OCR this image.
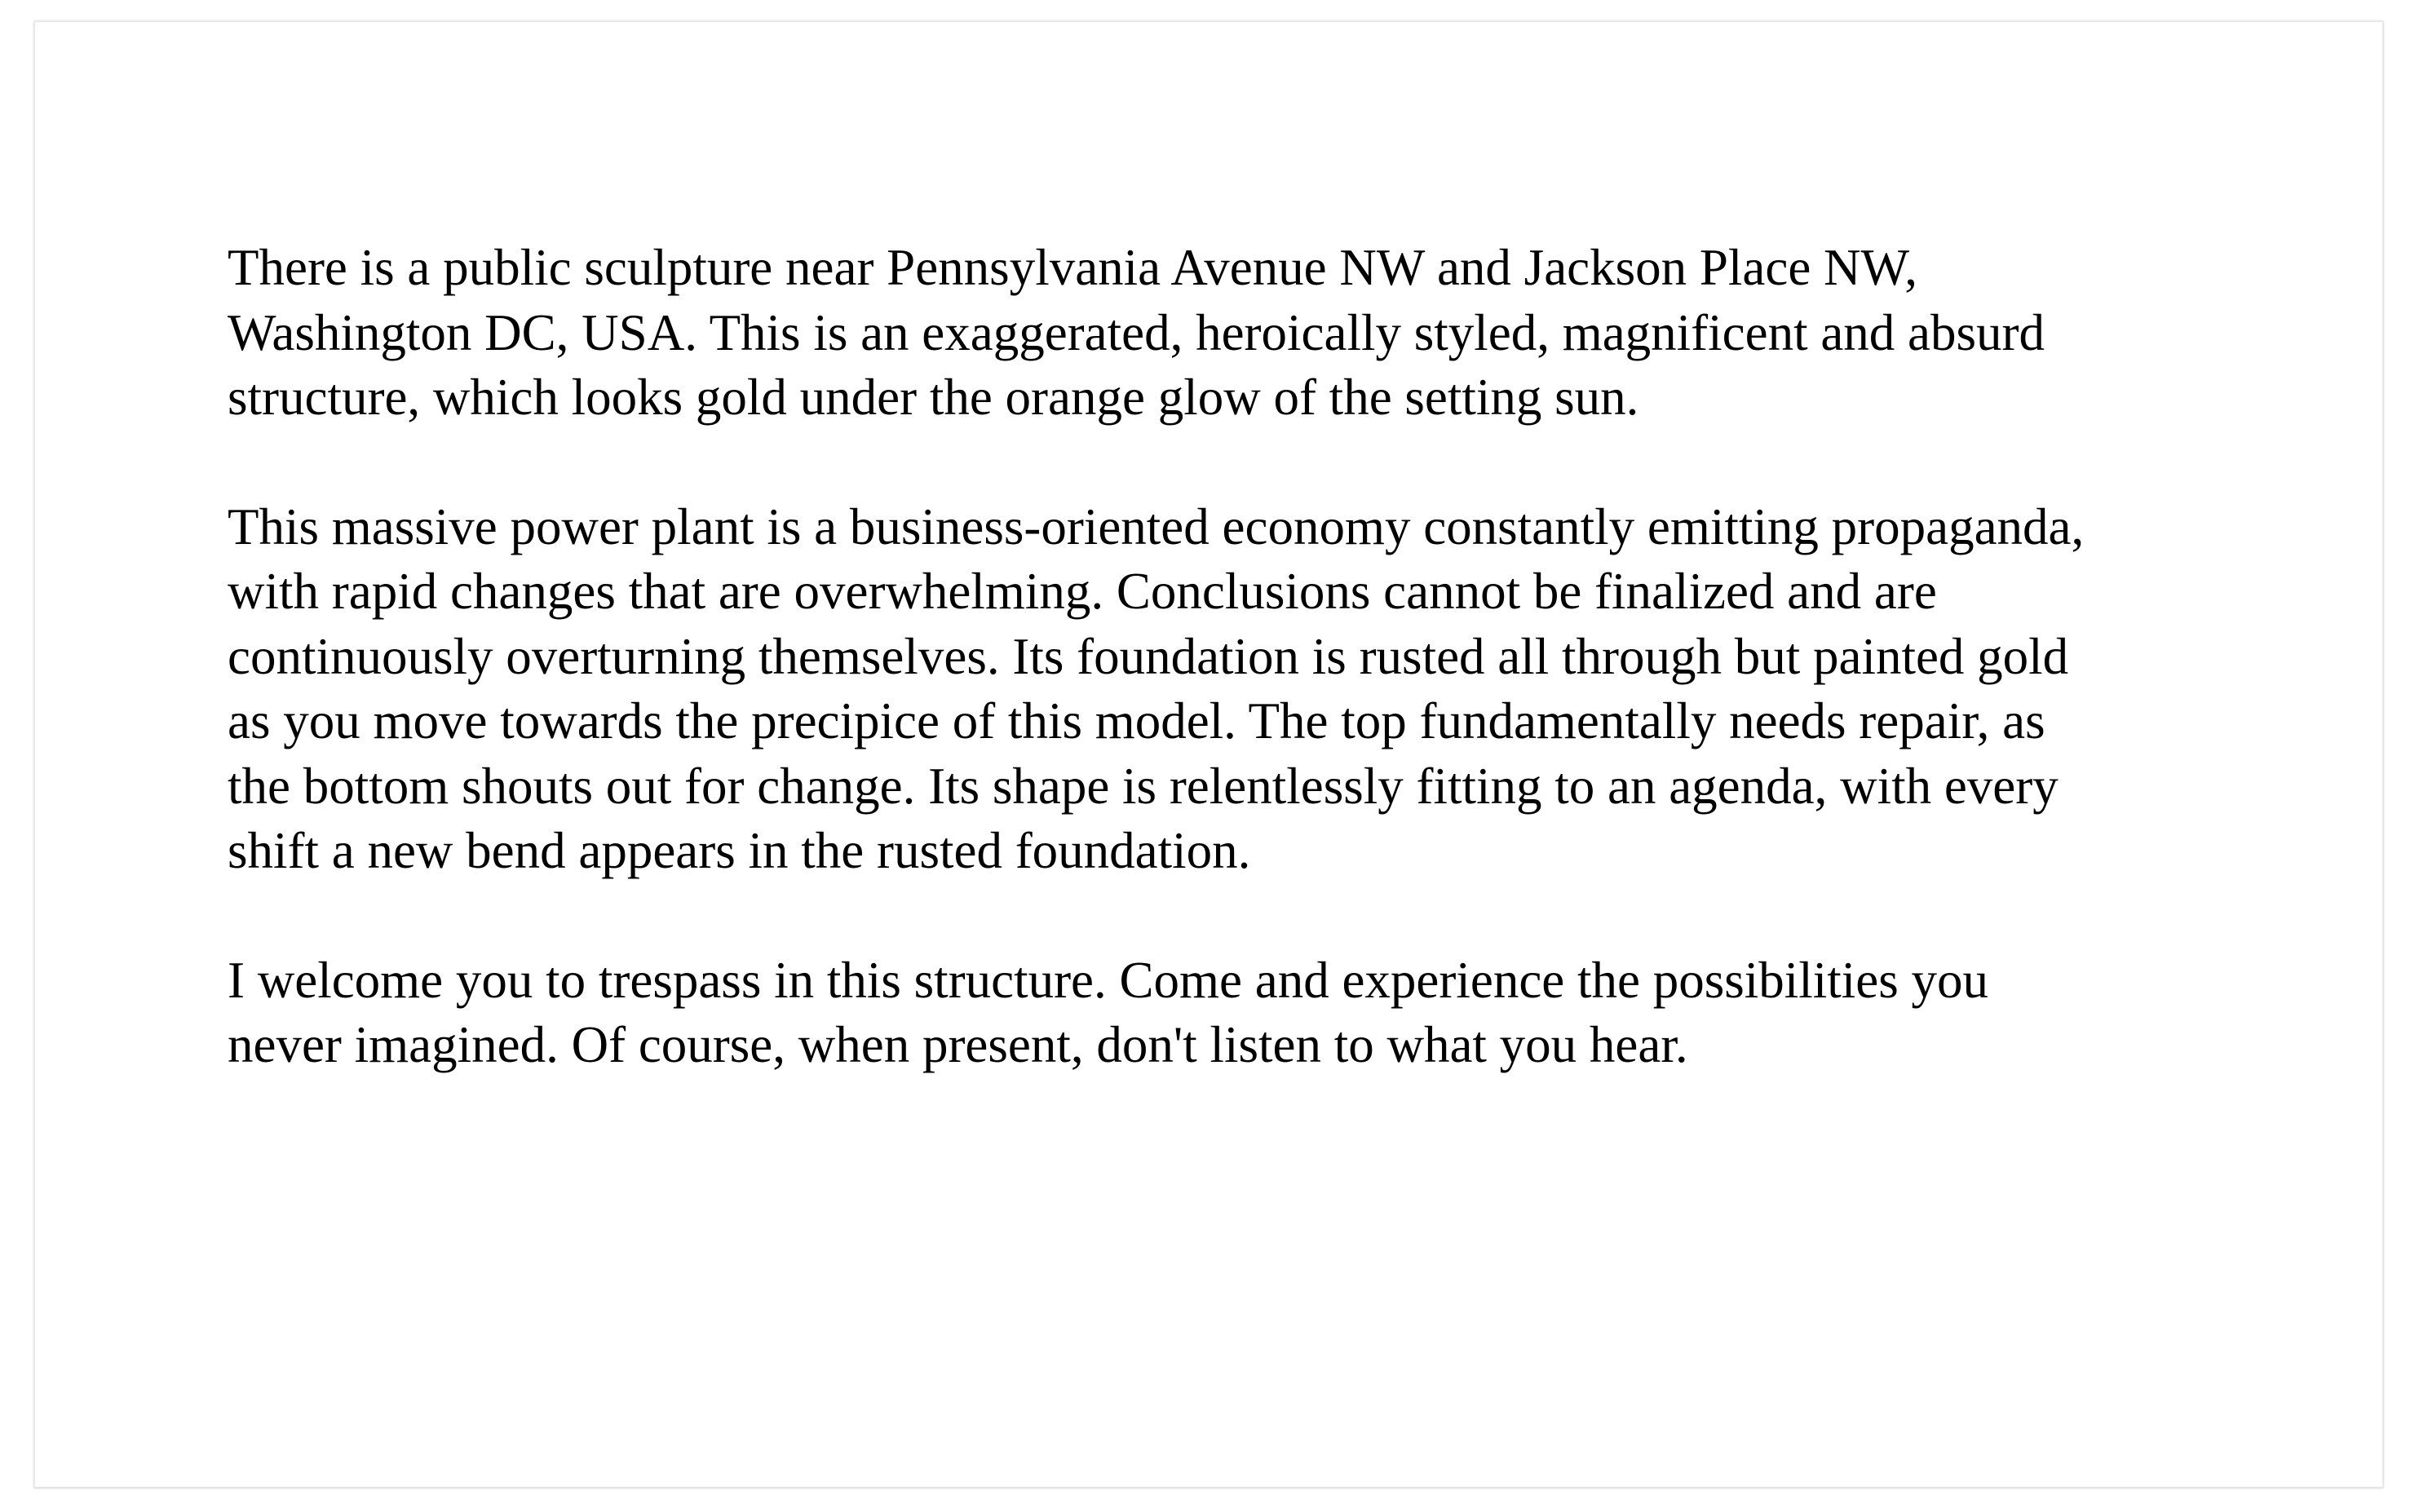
There is a public sculpture near Pennsylvania Avenue NW and Jackson Place NW,
Washington DC, USA. This is an exaggerated, heroically styled, magnificent and absurd
structure, which looks gold under the orange glow of the setting sun.

This massive power plant is a business-oriented economy constantly emitting propaganda,
with rapid changes that are overwhelming. Conclusions cannot be finalized and are
continuously overturning themselves. Its foundation is rusted all through but painted gold
as you move towards the precipice of this model. The top fundamentally needs repair, as
the bottom shouts out for change. Its shape is relentlessly fitting to an agenda, with every
shift a new bend appears in the rusted foundation.

I welcome you to trespass in this structure. Come and experience the possibilities you
never imagined. Of course, when present, don't listen to what you hear.
